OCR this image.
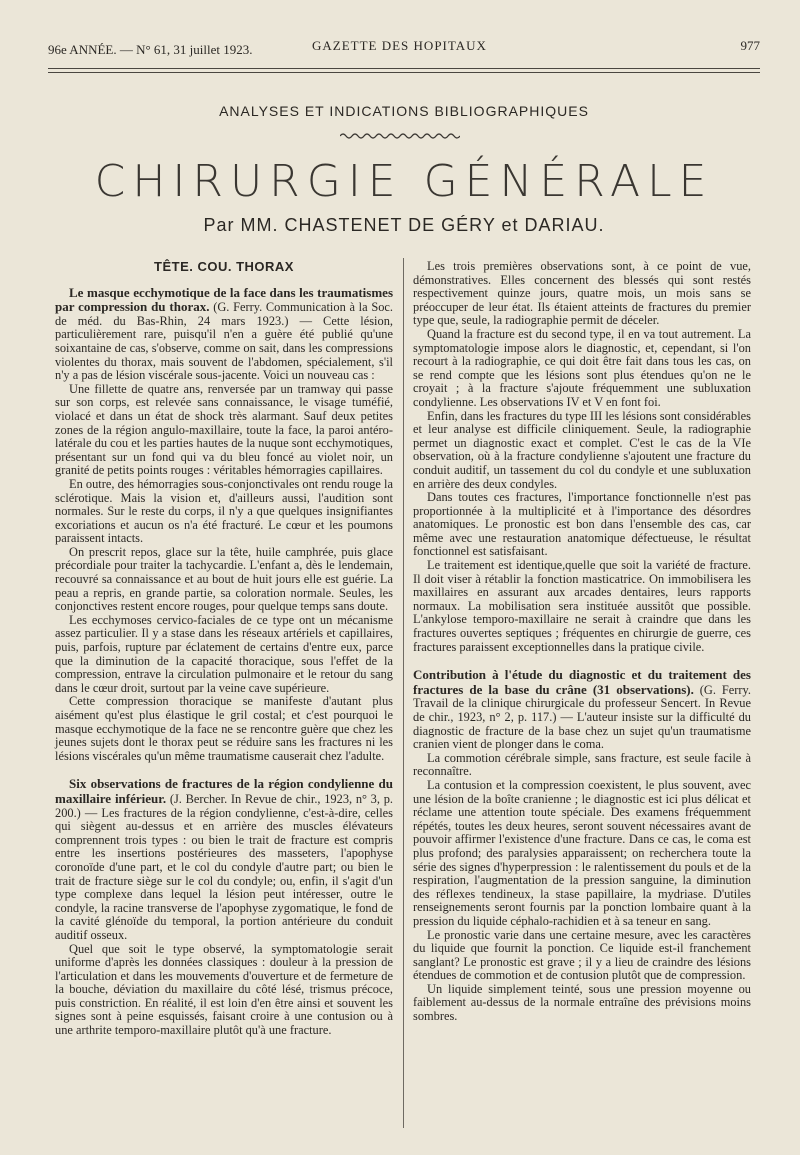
96e ANNÉE. — N° 61, 31 juillet 1923.	GAZETTE DES HOPITAUX	977
ANALYSES ET INDICATIONS BIBLIOGRAPHIQUES
CHIRURGIE GÉNÉRALE
Par MM. CHASTENET DE GÉRY et DARIAU.
TÊTE. COU. THORAX

Le masque ecchymotique de la face dans les traumatismes par compression du thorax. (G. Ferry. Communication à la Soc. de méd. du Bas-Rhin, 24 mars 1923.) — Cette lésion, particulièrement rare, puisqu'il n'en a guère été publié qu'une soixantaine de cas, s'observe, comme on sait, dans les compressions violentes du thorax, mais souvent de l'abdomen, spécialement, s'il n'y a pas de lésion viscérale sous-jacente. Voici un nouveau cas :

Une fillette de quatre ans, renversée par un tramway qui passe sur son corps, est relevée sans connaissance, le visage tuméfié, violacé et dans un état de shock très alarmant. Sauf deux petites zones de la région angulo-maxillaire, toute la face, la paroi antéro-latérale du cou et les parties hautes de la nuque sont ecchymotiques, présentant sur un fond qui va du bleu foncé au violet noir, un granité de petits points rouges : véritables hémorragies capillaires.

En outre, des hémorragies sous-conjonctivales ont rendu rouge la sclérotique. Mais la vision et, d'ailleurs aussi, l'audition sont normales. Sur le reste du corps, il n'y a que quelques insignifiantes excoriations et aucun os n'a été fracturé. Le cœur et les poumons paraissent intacts.

On prescrit repos, glace sur la tête, huile camphrée, puis glace précordiale pour traiter la tachycardie. L'enfant a, dès le lendemain, recouvré sa connaissance et au bout de huit jours elle est guérie. La peau a repris, en grande partie, sa coloration normale. Seules, les conjonctives restent encore rouges, pour quelque temps sans doute.

Les ecchymoses cervico-faciales de ce type ont un mécanisme assez particulier. Il y a stase dans les réseaux artériels et capillaires, puis, parfois, rupture par éclatement de certains d'entre eux, parce que la diminution de la capacité thoracique, sous l'effet de la compression, entrave la circulation pulmonaire et le retour du sang dans le cœur droit, surtout par la veine cave supérieure.

Cette compression thoracique se manifeste d'autant plus aisément qu'est plus élastique le gril costal; et c'est pourquoi le masque ecchymotique de la face ne se rencontre guère que chez les jeunes sujets dont le thorax peut se réduire sans les fractures ni les lésions viscérales qu'un même traumatisme causerait chez l'adulte.

Six observations de fractures de la région condylienne du maxillaire inférieur. (J. Bercher. In Revue de chir., 1923, n° 3, p. 200.) — Les fractures de la région condylienne, c'est-à-dire, celles qui siègent au-dessus et en arrière des muscles élévateurs comprennent trois types : ou bien le trait de fracture est compris entre les insertions postérieures des masseters, l'apophyse coronoïde d'une part, et le col du condyle d'autre part; ou bien le trait de fracture siège sur le col du condyle; ou, enfin, il s'agit d'un type complexe dans lequel la lésion peut intéresser, outre le condyle, la racine transverse de l'apophyse zygomatique, le fond de la cavité glénoïde du temporal, la portion antérieure du conduit auditif osseux.

Quel que soit le type observé, la symptomatologie serait uniforme d'après les données classiques : douleur à la pression de l'articulation et dans les mouvements d'ouverture et de fermeture de la bouche, déviation du maxillaire du côté lésé, trismus précoce, puis constriction. En réalité, il est loin d'en être ainsi et souvent les signes sont à peine esquissés, faisant croire à une contusion ou à une arthrite temporo-maxillaire plutôt qu'à une fracture.

Les trois premières observations sont, à ce point de vue, démonstratives. Elles concernent des blessés qui sont restés respectivement quinze jours, quatre mois, un mois sans se préoccuper de leur état. Ils étaient atteints de fractures du premier type que, seule, la radiographie permit de déceler.

Quand la fracture est du second type, il en va tout autrement. La symptomatologie impose alors le diagnostic, et, cependant, si l'on recourt à la radiographie, ce qui doit être fait dans tous les cas, on se rend compte que les lésions sont plus étendues qu'on ne le croyait ; à la fracture s'ajoute fréquemment une subluxation condylienne. Les observations IV et V en font foi.

Enfin, dans les fractures du type III les lésions sont considérables et leur analyse est difficile cliniquement. Seule, la radiographie permet un diagnostic exact et complet. C'est le cas de la VIe observation, où à la fracture condylienne s'ajoutent une fracture du conduit auditif, un tassement du col du condyle et une subluxation en arrière des deux condyles.

Dans toutes ces fractures, l'importance fonctionnelle n'est pas proportionnée à la multiplicité et à l'importance des désordres anatomiques. Le pronostic est bon dans l'ensemble des cas, car même avec une restauration anatomique défectueuse, le résultat fonctionnel est satisfaisant.

Le traitement est identique,quelle que soit la variété de fracture. Il doit viser à rétablir la fonction masticatrice. On immobilisera les maxillaires en assurant aux arcades dentaires, leurs rapports normaux. La mobilisation sera instituée aussitôt que possible. L'ankylose temporo-maxillaire ne serait à craindre que dans les fractures ouvertes septiques ; fréquentes en chirurgie de guerre, ces fractures paraissent exceptionnelles dans la pratique civile.

Contribution à l'étude du diagnostic et du traitement des fractures de la base du crâne (31 observations). (G. Ferry. Travail de la clinique chirurgicale du professeur Sencert. In Revue de chir., 1923, n° 2, p. 117.) — L'auteur insiste sur la difficulté du diagnostic de fracture de la base chez un sujet qu'un traumatisme cranien vient de plonger dans le coma.

La commotion cérébrale simple, sans fracture, est seule facile à reconnaître.

La contusion et la compression coexistent, le plus souvent, avec une lésion de la boîte cranienne ; le diagnostic est ici plus délicat et réclame une attention toute spéciale. Des examens fréquemment répétés, toutes les deux heures, seront souvent nécessaires avant de pouvoir affirmer l'existence d'une fracture. Dans ce cas, le coma est plus profond; des paralysies apparaissent; on recherchera toute la série des signes d'hyperpression : le ralentissement du pouls et de la respiration, l'augmentation de la pression sanguine, la diminution des réflexes tendineux, la stase papillaire, la mydriase. D'utiles renseignements seront fournis par la ponction lombaire quant à la pression du liquide céphalo-rachidien et à sa teneur en sang.

Le pronostic varie dans une certaine mesure, avec les caractères du liquide que fournit la ponction. Ce liquide est-il franchement sanglant? Le pronostic est grave ; il y a lieu de craindre des lésions étendues de commotion et de contusion plutôt que de compression.

Un liquide simplement teinté, sous une pression moyenne ou faiblement au-dessus de la normale entraîne des prévisions moins sombres.
